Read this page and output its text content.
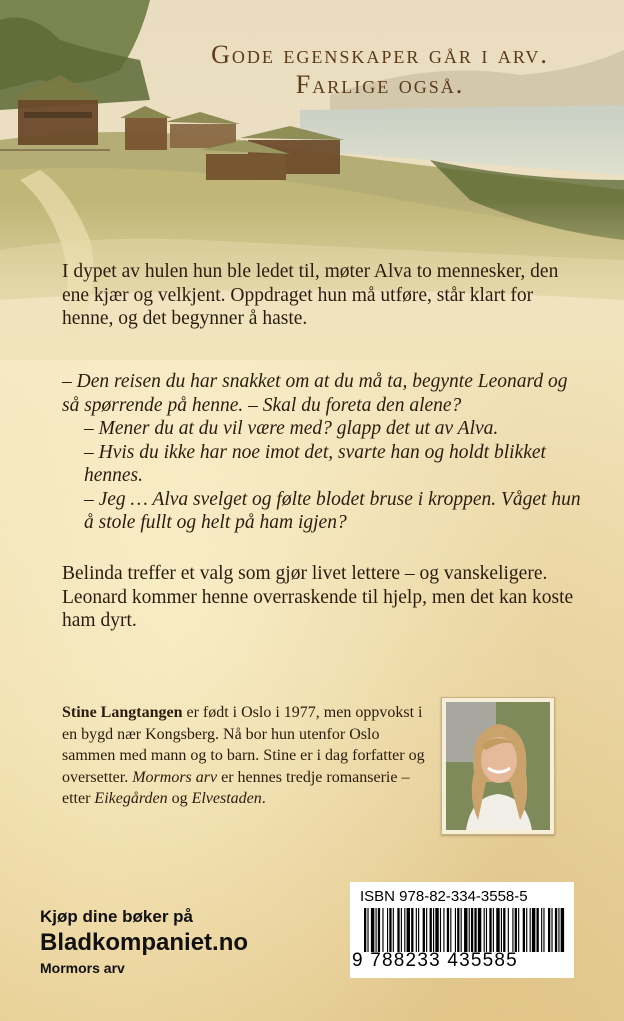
Gode egenskaper går i arv.
Farlige også.
I dypet av hulen hun ble ledet til, møter Alva to mennesker, den ene kjær og velkjent. Oppdraget hun må utføre, står klart for henne, og det begynner å haste.
– Den reisen du har snakket om at du må ta, begynte Leonard og så spørrende på henne. – Skal du foreta den alene?
– Mener du at du vil være med? glapp det ut av Alva.
– Hvis du ikke har noe imot det, svarte han og holdt blikket hennes.
– Jeg … Alva svelget og følte blodet bruse i kroppen. Våget hun å stole fullt og helt på ham igjen?
Belinda treffer et valg som gjør livet lettere – og vanskeligere. Leonard kommer henne overraskende til hjelp, men det kan koste ham dyrt.
Stine Langtangen er født i Oslo i 1977, men oppvokst i en bygd nær Kongsberg. Nå bor hun utenfor Oslo sammen med mann og to barn. Stine er i dag forfatter og oversetter. Mormors arv er hennes tredje romanserie – etter Eikegården og Elvestaden.
Kjøp dine bøker på
Bladkompaniet.no
Mormors arv
ISBN 978-82-334-3558-5
9 788233 435585
